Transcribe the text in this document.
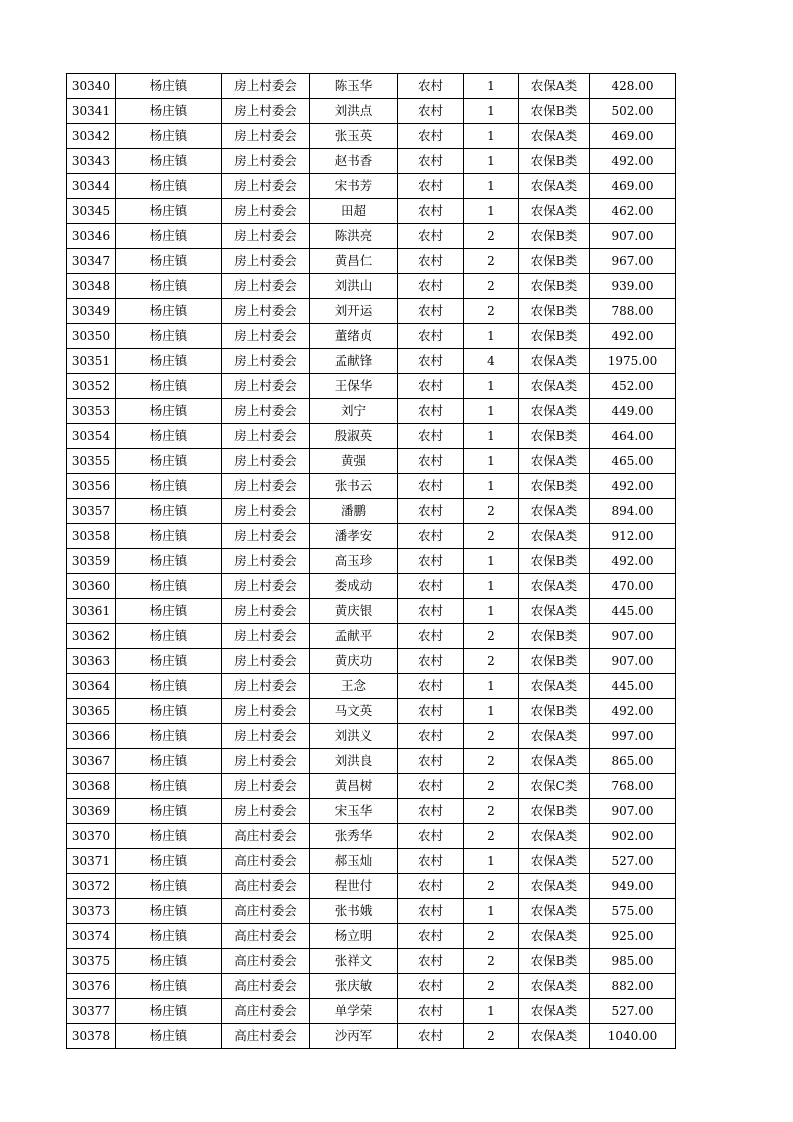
30340	杨庄镇	房上村委会	陈玉华	农村	1	农保A类	428.00
30341	杨庄镇	房上村委会	刘洪点	农村	1	农保B类	502.00
30342	杨庄镇	房上村委会	张玉英	农村	1	农保A类	469.00
30343	杨庄镇	房上村委会	赵书香	农村	1	农保B类	492.00
30344	杨庄镇	房上村委会	宋书芳	农村	1	农保A类	469.00
30345	杨庄镇	房上村委会	田超	农村	1	农保A类	462.00
30346	杨庄镇	房上村委会	陈洪亮	农村	2	农保B类	907.00
30347	杨庄镇	房上村委会	黄昌仁	农村	2	农保B类	967.00
30348	杨庄镇	房上村委会	刘洪山	农村	2	农保B类	939.00
30349	杨庄镇	房上村委会	刘开运	农村	2	农保B类	788.00
30350	杨庄镇	房上村委会	董绪贞	农村	1	农保B类	492.00
30351	杨庄镇	房上村委会	孟献锋	农村	4	农保A类	1975.00
30352	杨庄镇	房上村委会	王保华	农村	1	农保A类	452.00
30353	杨庄镇	房上村委会	刘宁	农村	1	农保A类	449.00
30354	杨庄镇	房上村委会	殷淑英	农村	1	农保B类	464.00
30355	杨庄镇	房上村委会	黄强	农村	1	农保A类	465.00
30356	杨庄镇	房上村委会	张书云	农村	1	农保B类	492.00
30357	杨庄镇	房上村委会	潘鹏	农村	2	农保A类	894.00
30358	杨庄镇	房上村委会	潘孝安	农村	2	农保A类	912.00
30359	杨庄镇	房上村委会	高玉珍	农村	1	农保B类	492.00
30360	杨庄镇	房上村委会	娄成动	农村	1	农保A类	470.00
30361	杨庄镇	房上村委会	黄庆银	农村	1	农保A类	445.00
30362	杨庄镇	房上村委会	孟献平	农村	2	农保B类	907.00
30363	杨庄镇	房上村委会	黄庆功	农村	2	农保B类	907.00
30364	杨庄镇	房上村委会	王念	农村	1	农保A类	445.00
30365	杨庄镇	房上村委会	马文英	农村	1	农保B类	492.00
30366	杨庄镇	房上村委会	刘洪义	农村	2	农保A类	997.00
30367	杨庄镇	房上村委会	刘洪良	农村	2	农保A类	865.00
30368	杨庄镇	房上村委会	黄昌树	农村	2	农保C类	768.00
30369	杨庄镇	房上村委会	宋玉华	农村	2	农保B类	907.00
30370	杨庄镇	高庄村委会	张秀华	农村	2	农保A类	902.00
30371	杨庄镇	高庄村委会	郝玉灿	农村	1	农保A类	527.00
30372	杨庄镇	高庄村委会	程世付	农村	2	农保A类	949.00
30373	杨庄镇	高庄村委会	张书娥	农村	1	农保A类	575.00
30374	杨庄镇	高庄村委会	杨立明	农村	2	农保A类	925.00
30375	杨庄镇	高庄村委会	张祥文	农村	2	农保B类	985.00
30376	杨庄镇	高庄村委会	张庆敏	农村	2	农保A类	882.00
30377	杨庄镇	高庄村委会	单学荣	农村	1	农保A类	527.00
30378	杨庄镇	高庄村委会	沙丙军	农村	2	农保A类	1040.00
